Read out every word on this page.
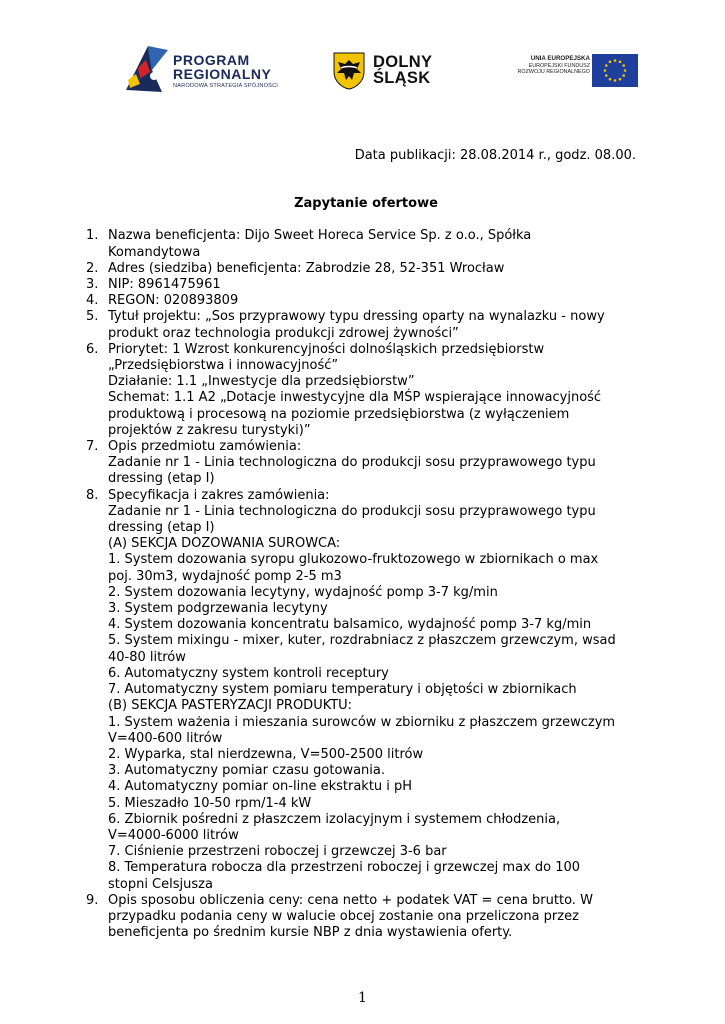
PROGRAM
REGIONALNY
NARODOWA STRATEGIA SPÓJNOŚCI
DOLNY
ŚLĄSK
UNIA EUROPEJSKA
EUROPEJSKI FUNDUSZ
ROZWOJU REGIONALNEGO
Data publikacji: 28.08.2014 r., godz. 08.00.
Zapytanie ofertowe
1. Nazwa beneficjenta: Dijo Sweet Horeca Service Sp. z o.o., Spółka
Komandytowa
2. Adres (siedziba) beneficjenta: Zabrodzie 28, 52-351 Wrocław
3. NIP: 8961475961
4. REGON: 020893809
5. Tytuł projektu: „Sos przyprawowy typu dressing oparty na wynalazku - nowy
produkt oraz technologia produkcji zdrowej żywności”
6. Priorytet: 1 Wzrost konkurencyjności dolnośląskich przedsiębiorstw
„Przedsiębiorstwa i innowacyjność”
Działanie: 1.1 „Inwestycje dla przedsiębiorstw”
Schemat: 1.1 A2 „Dotacje inwestycyjne dla MŚP wspierające innowacyjność
produktową i procesową na poziomie przedsiębiorstwa (z wyłączeniem
projektów z zakresu turystyki)”
7. Opis przedmiotu zamówienia:
Zadanie nr 1 - Linia technologiczna do produkcji sosu przyprawowego typu
dressing (etap I)
8. Specyfikacja i zakres zamówienia:
Zadanie nr 1 - Linia technologiczna do produkcji sosu przyprawowego typu
dressing (etap I)
(A) SEKCJA DOZOWANIA SUROWCA:
1. System dozowania syropu glukozowo-fruktozowego w zbiornikach o max
poj. 30m3, wydajność pomp 2-5 m3
2. System dozowania lecytyny, wydajność pomp 3-7 kg/min
3. System podgrzewania lecytyny
4. System dozowania koncentratu balsamico, wydajność pomp 3-7 kg/min
5. System mixingu - mixer, kuter, rozdrabniacz z płaszczem grzewczym, wsad
40-80 litrów
6. Automatyczny system kontroli receptury
7. Automatyczny system pomiaru temperatury i objętości w zbiornikach
(B) SEKCJA PASTERYZACJI PRODUKTU:
1. System ważenia i mieszania surowców w zbiorniku z płaszczem grzewczym
V=400-600 litrów
2. Wyparka, stal nierdzewna, V=500-2500 litrów
3. Automatyczny pomiar czasu gotowania.
4. Automatyczny pomiar on-line ekstraktu i pH
5. Mieszadło 10-50 rpm/1-4 kW
6. Zbiornik pośredni z płaszczem izolacyjnym i systemem chłodzenia,
V=4000-6000 litrów
7. Ciśnienie przestrzeni roboczej i grzewczej 3-6 bar
8. Temperatura robocza dla przestrzeni roboczej i grzewczej max do 100
stopni Celsjusza
9. Opis sposobu obliczenia ceny: cena netto + podatek VAT = cena brutto. W
przypadku podania ceny w walucie obcej zostanie ona przeliczona przez
beneficjenta po średnim kursie NBP z dnia wystawienia oferty.
1
